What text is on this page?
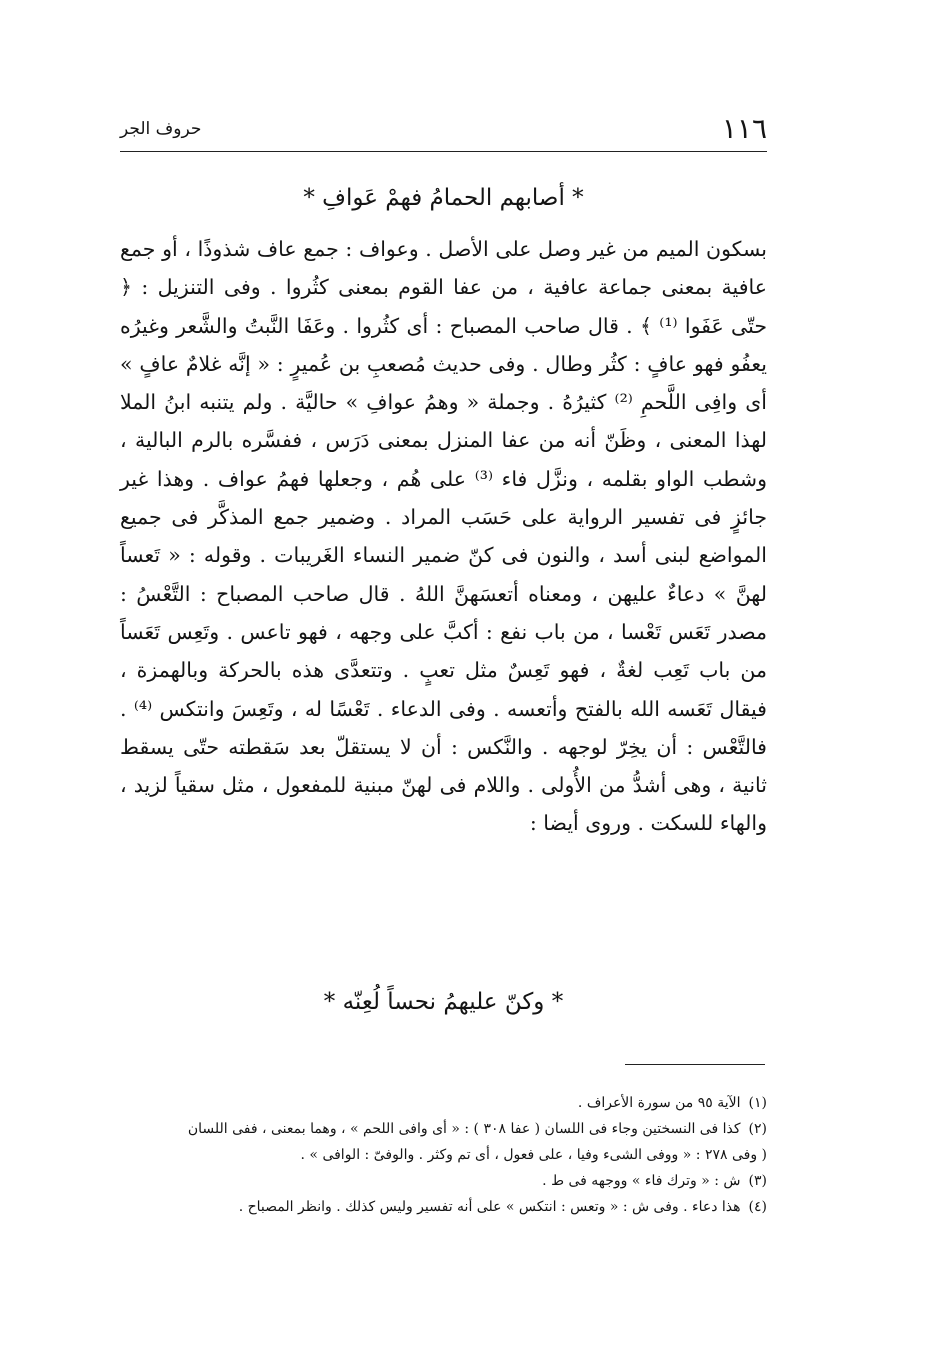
١١٦
حروف الجر
* أصابهم الحمامُ فهمْ عَوافِ *

بسكون الميم من غير وصل على الأصل . وعواف : جمع عاف شذوذًا ، أو جمع عافية بمعنى جماعة عافية ، من عفا القوم بمعنى كثُروا . وفى التنزيل : ﴿ حتّى عَفَوا ⁽¹⁾ ﴾ . قال صاحب المصباح : أى كثُروا . وعَفَا النَّبتُ والشَّعر وغيرُه يعفُو فهو عافٍ : كثُر وطال . وفى حديث مُصعبِ بن عُميرٍ : « إنَّه غلامٌ عافٍ » أى وافِى اللَّحمِ ⁽²⁾ كثيرُهُ . وجملة « وهمُ عوافِ » حاليَّة . ولم يتنبه ابنُ الملا لهذا المعنى ، وظَنّ أنه من عفا المنزل بمعنى دَرَس ، ففسَّره بالرم البالية ، وشطب الواو بقلمه ، ونزَّل فاء ⁽³⁾ على هُم ، وجعلها فهمُ عواف . وهذا غير جائزٍ فى تفسير الرواية على حَسَب المراد . وضمير جمع المذكَّر فى جميع المواضع لبنى أسد ، والنون فى كنّ ضمير النساء الغَريبات . وقوله : « تَعساً لهنَّ » دعاءٌ عليهن ، ومعناه أتعسَهنَّ اللهُ . قال صاحب المصباح : التَّعْسُ : مصدر تَعَس تَعْسا ، من باب نفع : أكبَّ على وجهه ، فهو تاعس . وتَعِس تَعَساً من باب تَعِب لغةٌ ، فهو تَعِسٌ مثل تعبٍ . وتتعدَّى هذه بالحركة وبالهمزة ، فيقال تَعَسه الله بالفتح وأتعسه . وفى الدعاء . تَعْسًا له ، وتَعِسَ وانتكس ⁽⁴⁾ . فالتَّعْس : أن يخِرّ لوجهه . والنَّكس : أن لا يستقلّ بعد سَقطته حتّى يسقط ثانية ، وهى أشدُّ من الأُولى . واللام فى لهنّ مبنية للمفعول ، مثل سقياً لزيد ، والهاء للسكت . وروى أيضا :

* وكنّ عليهمُ نحساً لُعِنّه *

(١)الآية ٩٥ من سورة الأعراف .

(٢)كذا فى النسختين وجاء فى اللسان ( عفا ٣٠٨ ) : « أى وافى اللحم » ، وهما بمعنى ، ففى اللسان

( وفى ٢٧٨ : « ووفى الشىء وفيا ، على فعول ، أى تم وكثر . والوفىّ : الوافى » .

(٣)ش : « وترك فاء » ووجهه فى ط .

(٤)هذا دعاء . وفى ش : « وتعس : انتكس » على أنه تفسير وليس كذلك . وانظر المصباح .
